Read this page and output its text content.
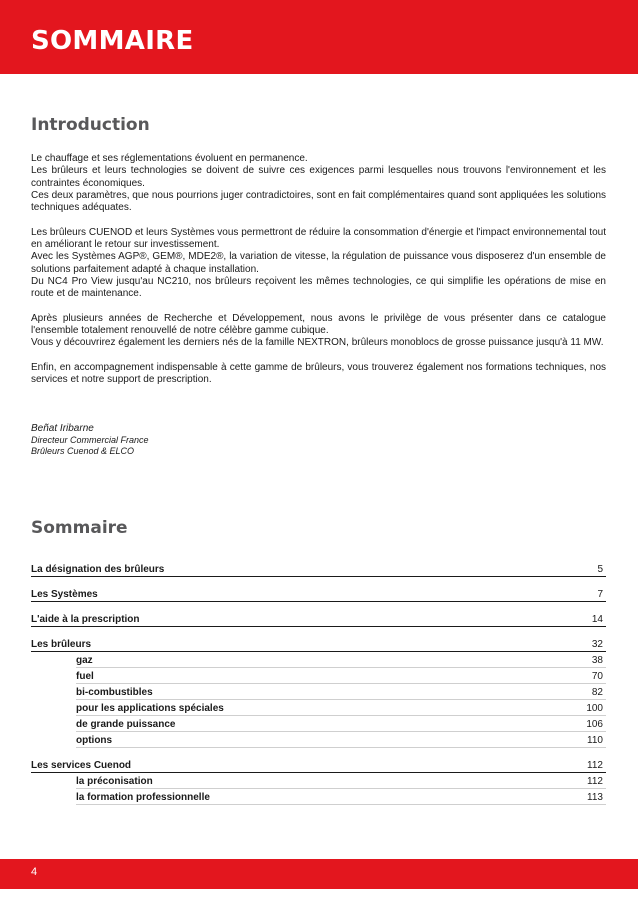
SOMMAIRE
Introduction

Le chauffage et ses réglementations évoluent en permanence.
Les brûleurs et leurs technologies se doivent de suivre ces exigences parmi lesquelles nous trouvons l'environnement et les contraintes économiques.
Ces deux paramètres, que nous pourrions juger contradictoires, sont en fait complémentaires quand sont appliquées les solutions techniques adéquates.

Les brûleurs CUENOD et leurs Systèmes vous permettront de réduire la consommation d'énergie et l'impact environnemental tout en améliorant le retour sur investissement.
Avec les Systèmes AGP®, GEM®, MDE2®, la variation de vitesse, la régulation de puissance vous disposerez d'un ensemble de solutions parfaitement adapté à chaque installation.
Du NC4 Pro View jusqu'au NC210, nos brûleurs reçoivent les mêmes technologies, ce qui simplifie les opérations de mise en route et de maintenance.

Après plusieurs années de Recherche et Développement, nous avons le privilège de vous présenter dans ce catalogue l'ensemble totalement renouvellé de notre célèbre gamme cubique.
Vous y découvrirez également les derniers nés de la famille NEXTRON, brûleurs monoblocs de grosse puissance jusqu'à 11 MW.

Enfin, en accompagnement indispensable à cette gamme de brûleurs, vous trouverez également nos formations techniques, nos services et notre support de prescription.

Beñat Iribarne
Directeur Commercial France
Brûleurs Cuenod & ELCO
Sommaire
La désignation des brûleurs	5
Les Systèmes	7
L'aide à la prescription	14
Les brûleurs	32
gaz	38
fuel	70
bi-combustibles	82
pour les applications spéciales	100
de grande puissance	106
options	110
Les services Cuenod	112
la préconisation	112
la formation professionnelle	113
4
